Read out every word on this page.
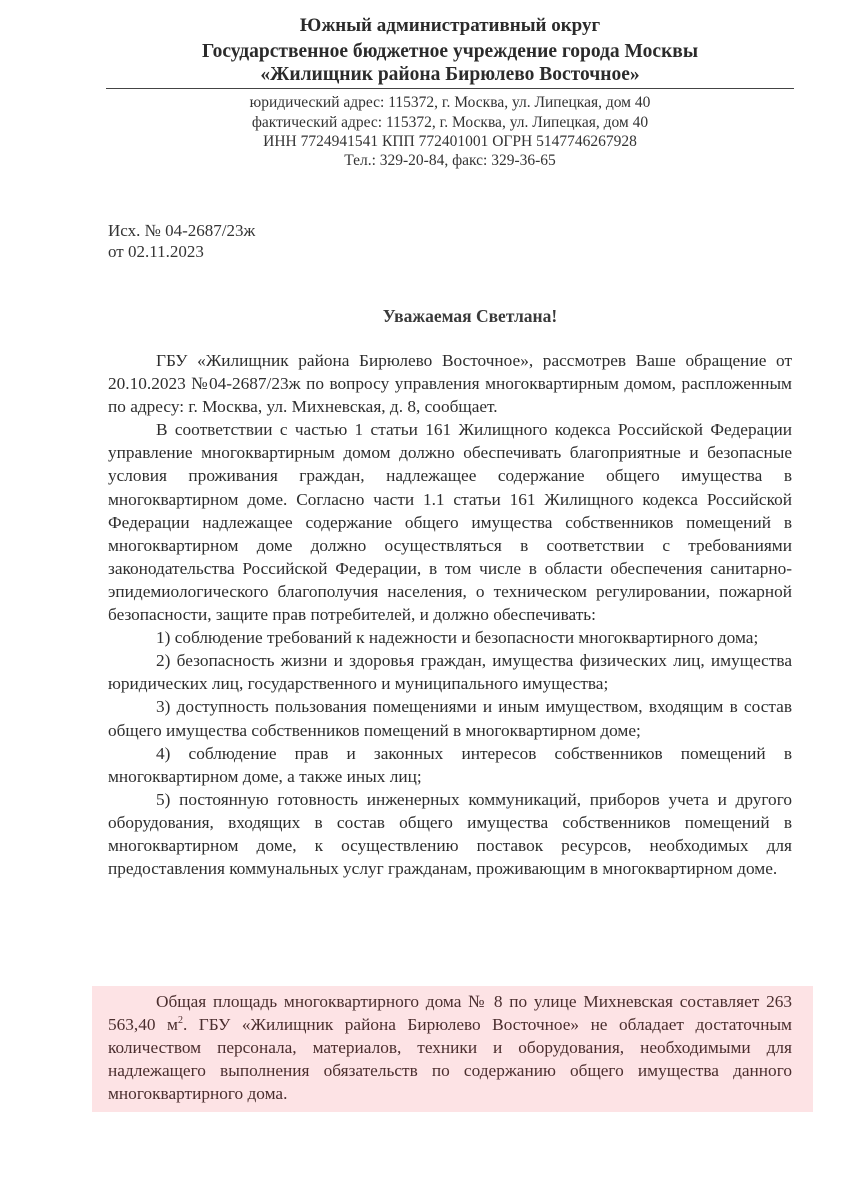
Южный административный округ
Государственное бюджетное учреждение города Москвы
«Жилищник района Бирюлево Восточное»
юридический адрес: 115372, г. Москва, ул. Липецкая, дом 40
фактический адрес: 115372, г. Москва, ул. Липецкая, дом 40
ИНН 7724941541 КПП 772401001 ОГРН 5147746267928
Тел.: 329-20-84, факс: 329-36-65
Исх. № 04-2687/23ж
от 02.11.2023
Уважаемая Светлана!

ГБУ «Жилищник района Бирюлево Восточное», рассмотрев Ваше обращение от 20.10.2023 №04-2687/23ж по вопросу управления многоквартирным домом, распложенным по адресу: г. Москва, ул. Михневская, д. 8, сообщает.

В соответствии с частью 1 статьи 161 Жилищного кодекса Российской Федерации управление многоквартирным домом должно обеспечивать благоприятные и безопасные условия проживания граждан, надлежащее содержание общего имущества в многоквартирном доме. Согласно части 1.1 статьи 161 Жилищного кодекса Российской Федерации надлежащее содержание общего имущества собственников помещений в многоквартирном доме должно осуществляться в соответствии с требованиями законодательства Российской Федерации, в том числе в области обеспечения санитарно-эпидемиологического благополучия населения, о техническом регулировании, пожарной безопасности, защите прав потребителей, и должно обеспечивать:

1) соблюдение требований к надежности и безопасности многоквартирного дома;

2) безопасность жизни и здоровья граждан, имущества физических лиц, имущества юридических лиц, государственного и муниципального имущества;

3) доступность пользования помещениями и иным имуществом, входящим в состав общего имущества собственников помещений в многоквартирном доме;

4) соблюдение прав и законных интересов собственников помещений в многоквартирном доме, а также иных лиц;

5) постоянную готовность инженерных коммуникаций, приборов учета и другого оборудования, входящих в состав общего имущества собственников помещений в многоквартирном доме, к осуществлению поставок ресурсов, необходимых для предоставления коммунальных услуг гражданам, проживающим в многоквартирном доме.

Общая площадь многоквартирного дома № 8 по улице Михневская составляет 263 563,40 $м^2$. ГБУ «Жилищник района Бирюлево Восточное» не обладает достаточным количеством персонала, материалов, техники и оборудования, необходимыми для надлежащего выполнения обязательств по содержанию общего имущества данного многоквартирного дома.
